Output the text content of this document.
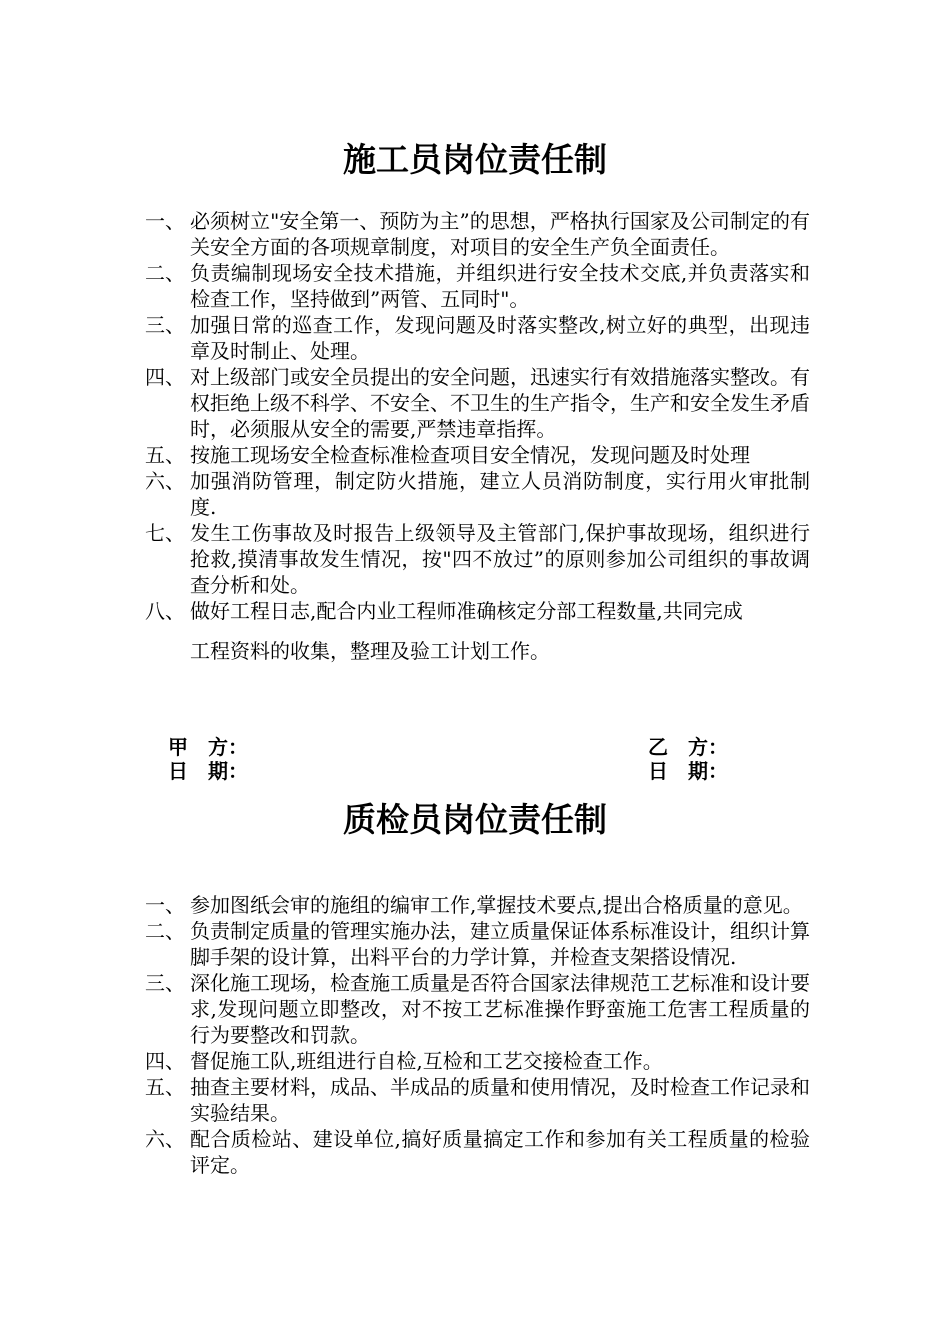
施工员岗位责任制
一、 必须树立"安全第一、预防为主”的思想，严格执行国家及公司制定的有关安全方面的各项规章制度，对项目的安全生产负全面责任。
二、 负责编制现场安全技术措施，并组织进行安全技术交底,并负责落实和检查工作，坚持做到”两管、五同时"。
三、 加强日常的巡查工作，发现问题及时落实整改,树立好的典型，出现违章及时制止、处理。
四、 对上级部门或安全员提出的安全问题，迅速实行有效措施落实整改。有权拒绝上级不科学、不安全、不卫生的生产指令，生产和安全发生矛盾时，必须服从安全的需要,严禁违章指挥。
五、 按施工现场安全检查标准检查项目安全情况，发现问题及时处理
六、 加强消防管理，制定防火措施，建立人员消防制度，实行用火审批制度.
七、 发生工伤事故及时报告上级领导及主管部门,保护事故现场，组织进行抢救,摸清事故发生情况，按"四不放过”的原则参加公司组织的事故调查分析和处。
八、 做好工程日志,配合内业工程师准确核定分部工程数量,共同完成
工程资料的收集，整理及验工计划工作。
甲　方：
日　期：
乙　方：
日　期：
质检员岗位责任制
一、 参加图纸会审的施组的编审工作,掌握技术要点,提出合格质量的意见。
二、 负责制定质量的管理实施办法，建立质量保证体系标准设计，组织计算脚手架的设计算，出料平台的力学计算，并检查支架搭设情况.
三、 深化施工现场，检查施工质量是否符合国家法律规范工艺标准和设计要求,发现问题立即整改，对不按工艺标准操作野蛮施工危害工程质量的行为要整改和罚款。
四、 督促施工队,班组进行自检,互检和工艺交接检查工作。
五、 抽查主要材料，成品、半成品的质量和使用情况，及时检查工作记录和实验结果。
六、 配合质检站、建设单位,搞好质量搞定工作和参加有关工程质量的检验评定。
